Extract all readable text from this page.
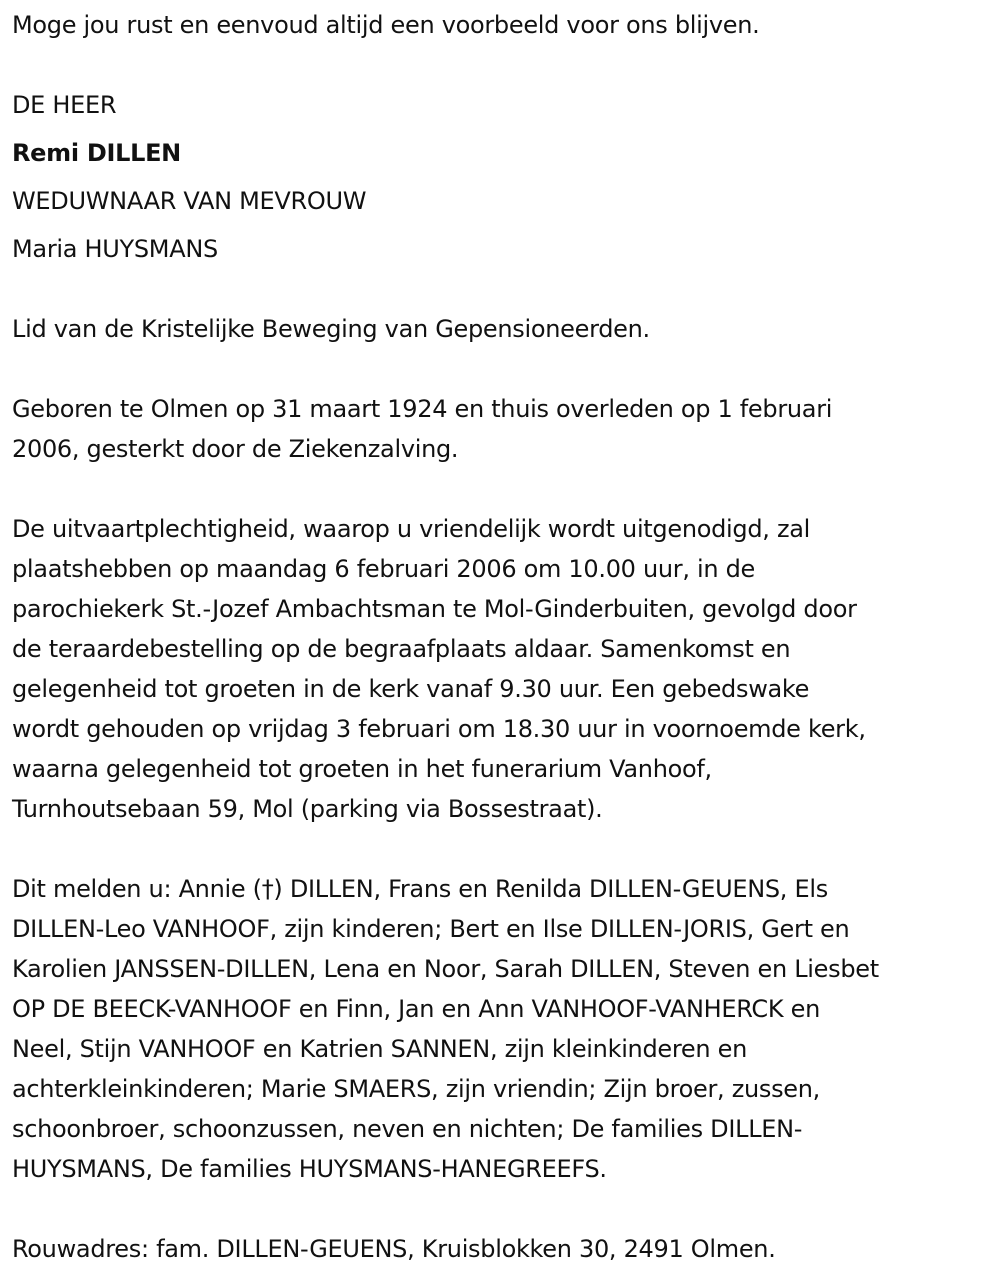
Moge jou rust en eenvoud altijd een voorbeeld voor ons blijven.
DE HEER
Remi DILLEN
WEDUWNAAR VAN MEVROUW
Maria HUYSMANS
Lid van de Kristelijke Beweging van Gepensioneerden.
Geboren te Olmen op 31 maart 1924 en thuis overleden op 1 februari
2006, gesterkt door de Ziekenzalving.
De uitvaartplechtigheid, waarop u vriendelijk wordt uitgenodigd, zal
plaatshebben op maandag 6 februari 2006 om 10.00 uur, in de
parochiekerk St.-Jozef Ambachtsman te Mol-Ginderbuiten, gevolgd door
de teraardebestelling op de begraafplaats aldaar. Samenkomst en
gelegenheid tot groeten in de kerk vanaf 9.30 uur. Een gebedswake
wordt gehouden op vrijdag 3 februari om 18.30 uur in voornoemde kerk,
waarna gelegenheid tot groeten in het funerarium Vanhoof,
Turnhoutsebaan 59, Mol (parking via Bossestraat).
Dit melden u: Annie (†) DILLEN, Frans en Renilda DILLEN-GEUENS, Els
DILLEN-Leo VANHOOF, zijn kinderen; Bert en Ilse DILLEN-JORIS, Gert en
Karolien JANSSEN-DILLEN, Lena en Noor, Sarah DILLEN, Steven en Liesbet
OP DE BEECK-VANHOOF en Finn, Jan en Ann VANHOOF-VANHERCK en
Neel, Stijn VANHOOF en Katrien SANNEN, zijn kleinkinderen en
achterkleinkinderen; Marie SMAERS, zijn vriendin; Zijn broer, zussen,
schoonbroer, schoonzussen, neven en nichten; De families DILLEN-
HUYSMANS, De families HUYSMANS-HANEGREEFS.
Rouwadres: fam. DILLEN-GEUENS, Kruisblokken 30, 2491 Olmen.
